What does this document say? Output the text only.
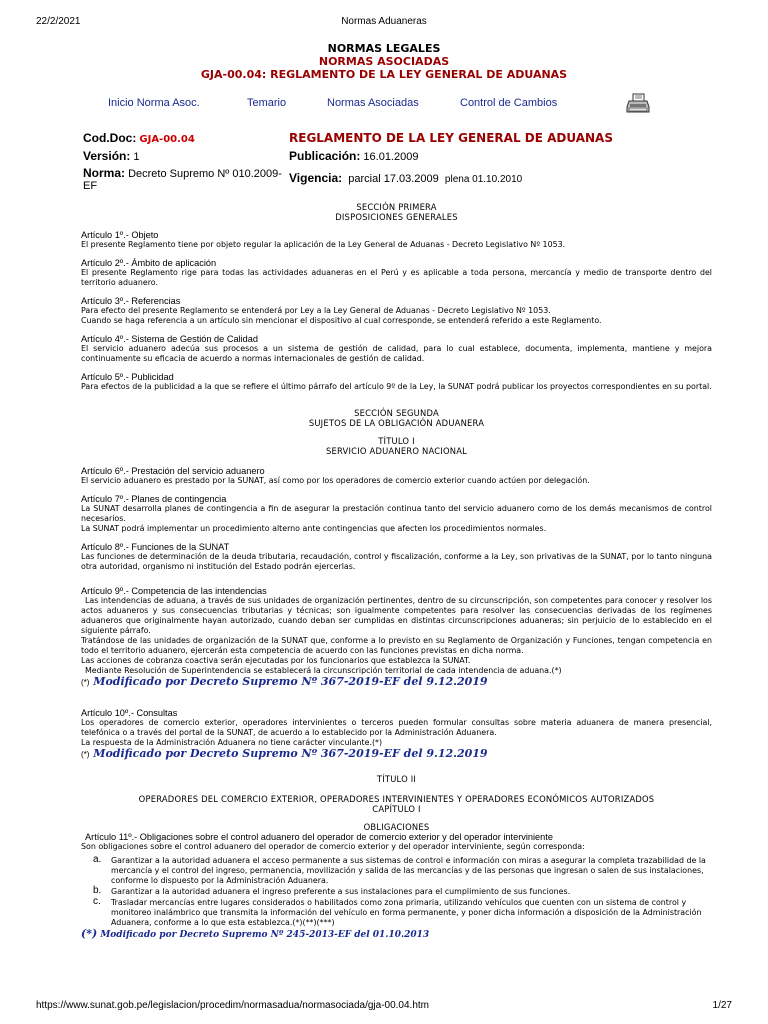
22/2/2021	Normas Aduaneras
NORMAS LEGALES
NORMAS ASOCIADAS
GJA-00.04: REGLAMENTO DE LA LEY GENERAL DE ADUANAS
Inicio Norma Asoc.	Temario	Normas Asociadas	Control de Cambios
Cod.Doc: GJA-00.04	REGLAMENTO DE LA LEY GENERAL DE ADUANAS
Versión: 1	Publicación: 16.01.2009
Norma: Decreto Supremo Nº 010.2009-
EF
Vigencia: parcial 17.03.2009 plena 01.10.2010
SECCIÓN PRIMERA
DISPOSICIONES GENERALES
Artículo 1º.- Objeto
El presente Reglamento tiene por objeto regular la aplicación de la Ley General de Aduanas - Decreto Legislativo Nº 1053.
Artículo 2º.- Ámbito de aplicación
El presente Reglamento rige para todas las actividades aduaneras en el Perú y es aplicable a toda persona, mercancía y medio de transporte dentro del territorio aduanero.
Artículo 3º.- Referencias
Para efecto del presente Reglamento se entenderá por Ley a la Ley General de Aduanas - Decreto Legislativo Nº 1053.
Cuando se haga referencia a un artículo sin mencionar el dispositivo al cual corresponde, se entenderá referido a este Reglamento.
Artículo 4º.- Sistema de Gestión de Calidad
El servicio aduanero adecúa sus procesos a un sistema de gestión de calidad, para lo cual establece, documenta, implementa, mantiene y mejora continuamente su eficacia de acuerdo a normas internacionales de gestión de calidad.
Artículo 5º.- Publicidad
Para efectos de la publicidad a la que se refiere el último párrafo del artículo 9º de la Ley, la SUNAT podrá publicar los proyectos correspondientes en su portal.
SECCIÓN SEGUNDA
SUJETOS DE LA OBLIGACIÓN ADUANERA
TÍTULO I
SERVICIO ADUANERO NACIONAL
Artículo 6º.- Prestación del servicio aduanero
El servicio aduanero es prestado por la SUNAT, así como por los operadores de comercio exterior cuando actúen por delegación.
Artículo 7º.- Planes de contingencia
La SUNAT desarrolla planes de contingencia a fin de asegurar la prestación continua tanto del servicio aduanero como de los demás mecanismos de control necesarios.
La SUNAT podrá implementar un procedimiento alterno ante contingencias que afecten los procedimientos normales.
Artículo 8º.- Funciones de la SUNAT
Las funciones de determinación de la deuda tributaria, recaudación, control y fiscalización, conforme a la Ley, son privativas de la SUNAT, por lo tanto ninguna otra autoridad, organismo ni institución del Estado podrán ejercerlas.
Artículo 9º.- Competencia de las intendencias
Las intendencias de aduana, a través de sus unidades de organización pertinentes, dentro de su circunscripción, son competentes para conocer y resolver los actos aduaneros y sus consecuencias tributarias y técnicas; son igualmente competentes para resolver las consecuencias derivadas de los regímenes aduaneros que originalmente hayan autorizado, cuando deban ser cumplidas en distintas circunscripciones aduaneras; sin perjuicio de lo establecido en el siguiente párrafo.
Tratándose de las unidades de organización de la SUNAT que, conforme a lo previsto en su Reglamento de Organización y Funciones, tengan competencia en todo el territorio aduanero, ejercerán esta competencia de acuerdo con las funciones previstas en dicha norma.
Las acciones de cobranza coactiva serán ejecutadas por los funcionarios que establezca la SUNAT.
Mediante Resolución de Superintendencia se establecerá la circunscripción territorial de cada intendencia de aduana.(*)
(*) Modificado por Decreto Supremo Nº 367-2019-EF del 9.12.2019
Artículo 10º.- Consultas
Los operadores de comercio exterior, operadores intervinientes o terceros pueden formular consultas sobre materia aduanera de manera presencial, telefónica o a través del portal de la SUNAT, de acuerdo a lo establecido por la Administración Aduanera.
La respuesta de la Administración Aduanera no tiene carácter vinculante.(*)
(*) Modificado por Decreto Supremo Nº 367-2019-EF del 9.12.2019
TÍTULO II
OPERADORES DEL COMERCIO EXTERIOR, OPERADORES INTERVINIENTES Y OPERADORES ECONÓMICOS AUTORIZADOS
CAPÍTULO I
OBLIGACIONES
Artículo 11º.- Obligaciones sobre el control aduanero del operador de comercio exterior y del operador interviniente
Son obligaciones sobre el control aduanero del operador de comercio exterior y del operador interviniente, según corresponda:
a. Garantizar a la autoridad aduanera el acceso permanente a sus sistemas de control e información con miras a asegurar la completa trazabilidad de la mercancía y el control del ingreso, permanencia, movilización y salida de las mercancías y de las personas que ingresan o salen de sus instalaciones, conforme lo dispuesto por la Administración Aduanera.
b. Garantizar a la autoridad aduanera el ingreso preferente a sus instalaciones para el cumplimiento de sus funciones.
c. Trasladar mercancías entre lugares considerados o habilitados como zona primaria, utilizando vehículos que cuenten con un sistema de control y monitoreo inalámbrico que transmita la información del vehículo en forma permanente, y poner dicha información a disposición de la Administración Aduanera, conforme a lo que esta establezca.(*)(**)(***)
(*) Modificado por Decreto Supremo Nº 245-2013-EF del 01.10.2013
https://www.sunat.gob.pe/legislacion/procedim/normasadua/normasociada/gja-00.04.htm	1/27
